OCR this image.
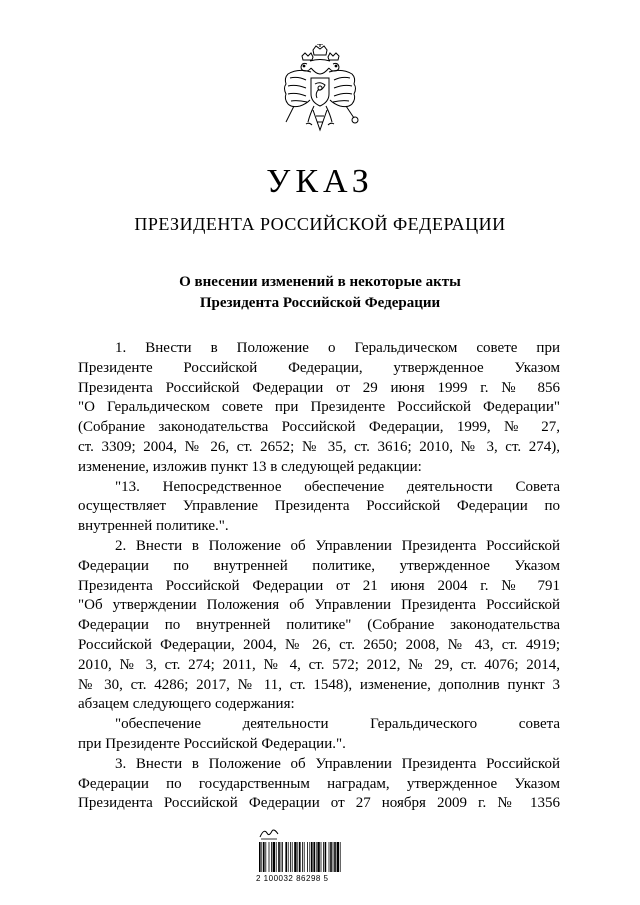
УКАЗ
ПРЕЗИДЕНТА РОССИЙСКОЙ ФЕДЕРАЦИИ
О внесении изменений в некоторые акты
Президента Российской Федерации
1. Внести в Положение о Геральдическом совете при
Президенте Российской Федерации, утвержденное Указом
Президента Российской Федерации от 29 июня 1999 г. № 856
"О Геральдическом совете при Президенте Российской Федерации"
(Собрание законодательства Российской Федерации, 1999, № 27,
ст. 3309; 2004, № 26, ст. 2652; № 35, ст. 3616; 2010, № 3, ст. 274),
изменение, изложив пункт 13 в следующей редакции:
"13. Непосредственное обеспечение деятельности Совета
осуществляет Управление Президента Российской Федерации по
внутренней политике.".
2. Внести в Положение об Управлении Президента Российской
Федерации по внутренней политике, утвержденное Указом
Президента Российской Федерации от 21 июня 2004 г. № 791
"Об утверждении Положения об Управлении Президента Российской
Федерации по внутренней политике" (Собрание законодательства
Российской Федерации, 2004, № 26, ст. 2650; 2008, № 43, ст. 4919;
2010, № 3, ст. 274; 2011, № 4, ст. 572; 2012, № 29, ст. 4076; 2014,
№ 30, ст. 4286; 2017, № 11, ст. 1548), изменение, дополнив пункт 3
абзацем следующего содержания:
"обеспечение деятельности Геральдического совета
при Президенте Российской Федерации.".
3. Внести в Положение об Управлении Президента Российской
Федерации по государственным наградам, утвержденное Указом
Президента Российской Федерации от 27 ноября 2009 г. № 1356
2 100032 86298 5
